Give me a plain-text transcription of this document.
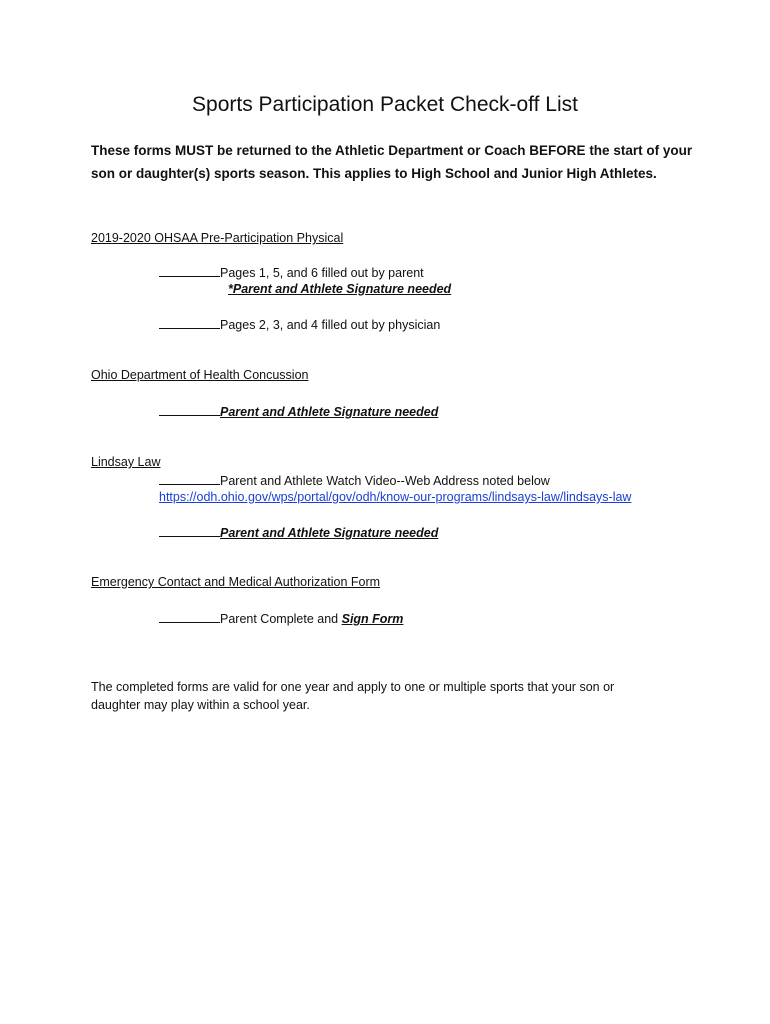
Sports Participation Packet Check-off List

These forms MUST be returned to the Athletic Department or Coach BEFORE the start of your son or daughter(s) sports season. This applies to High School and Junior High Athletes.

2019-2020 OHSAA Pre-Participation Physical
Pages 1, 5, and 6 filled out by parent
*Parent and Athlete Signature needed
Pages 2, 3, and 4 filled out by physician
Ohio Department of Health Concussion
Parent and Athlete Signature needed
Lindsay Law
Parent and Athlete Watch Video--Web Address noted below
https://odh.ohio.gov/wps/portal/gov/odh/know-our-programs/lindsays-law/lindsays-law
Parent and Athlete Signature needed
Emergency Contact and Medical Authorization Form
Parent Complete and Sign Form

The completed forms are valid for one year and apply to one or multiple sports that your son or daughter may play within a school year.
